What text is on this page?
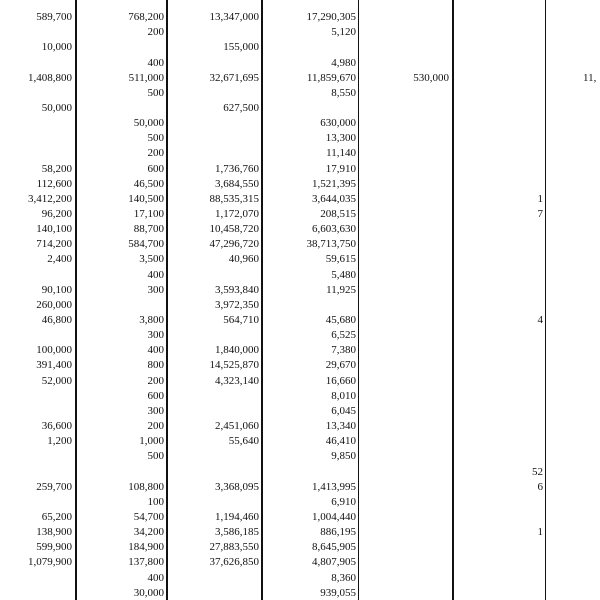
589,700
10,000
1,408,800
50,000
58,200
112,600
3,412,200
96,200
140,100
714,200
2,400
90,100
260,000
46,800
100,000
391,400
52,000
36,600
1,200
259,700
65,200
138,900
599,900
1,079,900
768,200
200
400
511,000
500
50,000
500
200
600
46,500
140,500
17,100
88,700
584,700
3,500
400
300
3,800
300
400
800
200
600
300
200
1,000
500
108,800
100
54,700
34,200
184,900
137,800
400
30,000
13,347,000
155,000
32,671,695
627,500
1,736,760
3,684,550
88,535,315
1,172,070
10,458,720
47,296,720
40,960
3,593,840
3,972,350
564,710
1,840,000
14,525,870
4,323,140
2,451,060
55,640
3,368,095
1,194,460
3,586,185
27,883,550
37,626,850
17,290,305
5,120
4,980
11,859,670
8,550
630,000
13,300
11,140
17,910
1,521,395
3,644,035
208,515
6,603,630
38,713,750
59,615
5,480
11,925
45,680
6,525
7,380
29,670
16,660
8,010
6,045
13,340
46,410
9,850
1,413,995
6,910
1,004,440
886,195
8,645,905
4,807,905
8,360
939,055
530,000
1
7
4
52
6
1
11,
